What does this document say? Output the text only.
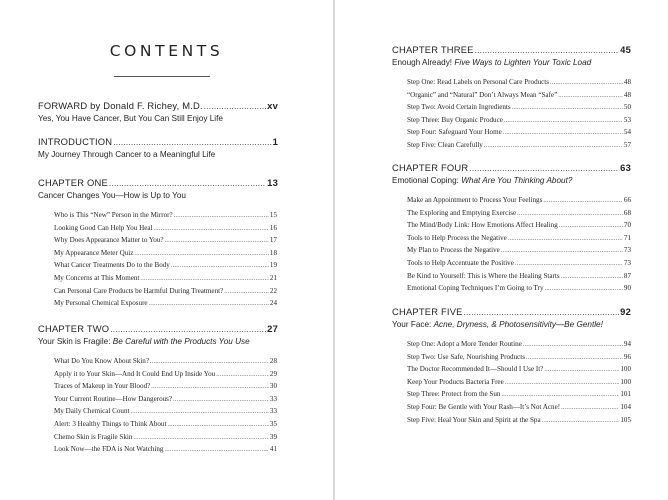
CONTENTS
FORWARD by Donald F. Richey, M.D. .....	xv
Yes, You Have Cancer, But You Can Still Enjoy Life
INTRODUCTION .....	1
My Journey Through Cancer to a Meaningful Life
CHAPTER ONE .....	13
Cancer Changes You—How is Up to You
Who is This “New” Person in the Mirror? .....	15
Looking Good Can Help You Heal .....	16
Why Does Appearance Matter to You? .....	17
My Appearance Meter Quiz .....	18
What Cancer Treatments Do to the Body .....	19
My Concerns at This Moment .....	21
Can Personal Care Products be Harmful During Treatment? .....	22
My Personal Chemical Exposure .....	24
CHAPTER TWO .....	27
Your Skin is Fragile: Be Careful with the Products You Use
What Do You Know About Skin? .....	28
Apply it to Your Skin—And It Could End Up Inside You .....	29
Traces of Makeup in Your Blood? .....	30
Your Current Routine—How Dangerous? .....	33
My Daily Chemical Count .....	33
Alert: 3 Healthy Things to Think About .....	35
Chemo Skin is Fragile Skin .....	39
Look Now—the FDA is Not Watching .....	41
CHAPTER THREE .....	45
Enough Already! Five Ways to Lighten Your Toxic Load
Step One: Read Labels on Personal Care Products .....	48
“Organic” and “Natural” Don’t Always Mean “Safe” .....	48
Step Two: Avoid Certain Ingredients .....	50
Step Three: Buy Organic Produce .....	53
Step Four: Safeguard Your Home .....	54
Step Five: Clean Carefully .....	57
CHAPTER FOUR .....	63
Emotional Coping: What Are You Thinking About?
Make an Appointment to Process Your Feelings .....	66
The Exploring and Emptying Exercise .....	68
The Mind/Body Link: How Emotions Affect Healing .....	70
Tools to Help Process the Negative .....	71
My Plan to Process the Negative .....	73
Tools to Help Accentuate the Positive .....	73
Be Kind to Yourself: This is Where the Healing Starts .....	87
Emotional Coping Techniques I’m Going to Try .....	90
CHAPTER FIVE .....	92
Your Face: Acne, Dryness, & Photosensitivity—Be Gentle!
Step One: Adopt a More Tender Routine .....	94
Step Two: Use Safe, Nourishing Products .....	96
The Doctor Recommended It—Should I Use It? .....	100
Keep Your Products Bacteria Free .....	100
Step Three: Protect from the Sun .....	101
Step Four: Be Gentle with Your Rash—It’s Not Acne! .....	104
Step Five: Heal Your Skin and Spirit at the Spa .....	105
